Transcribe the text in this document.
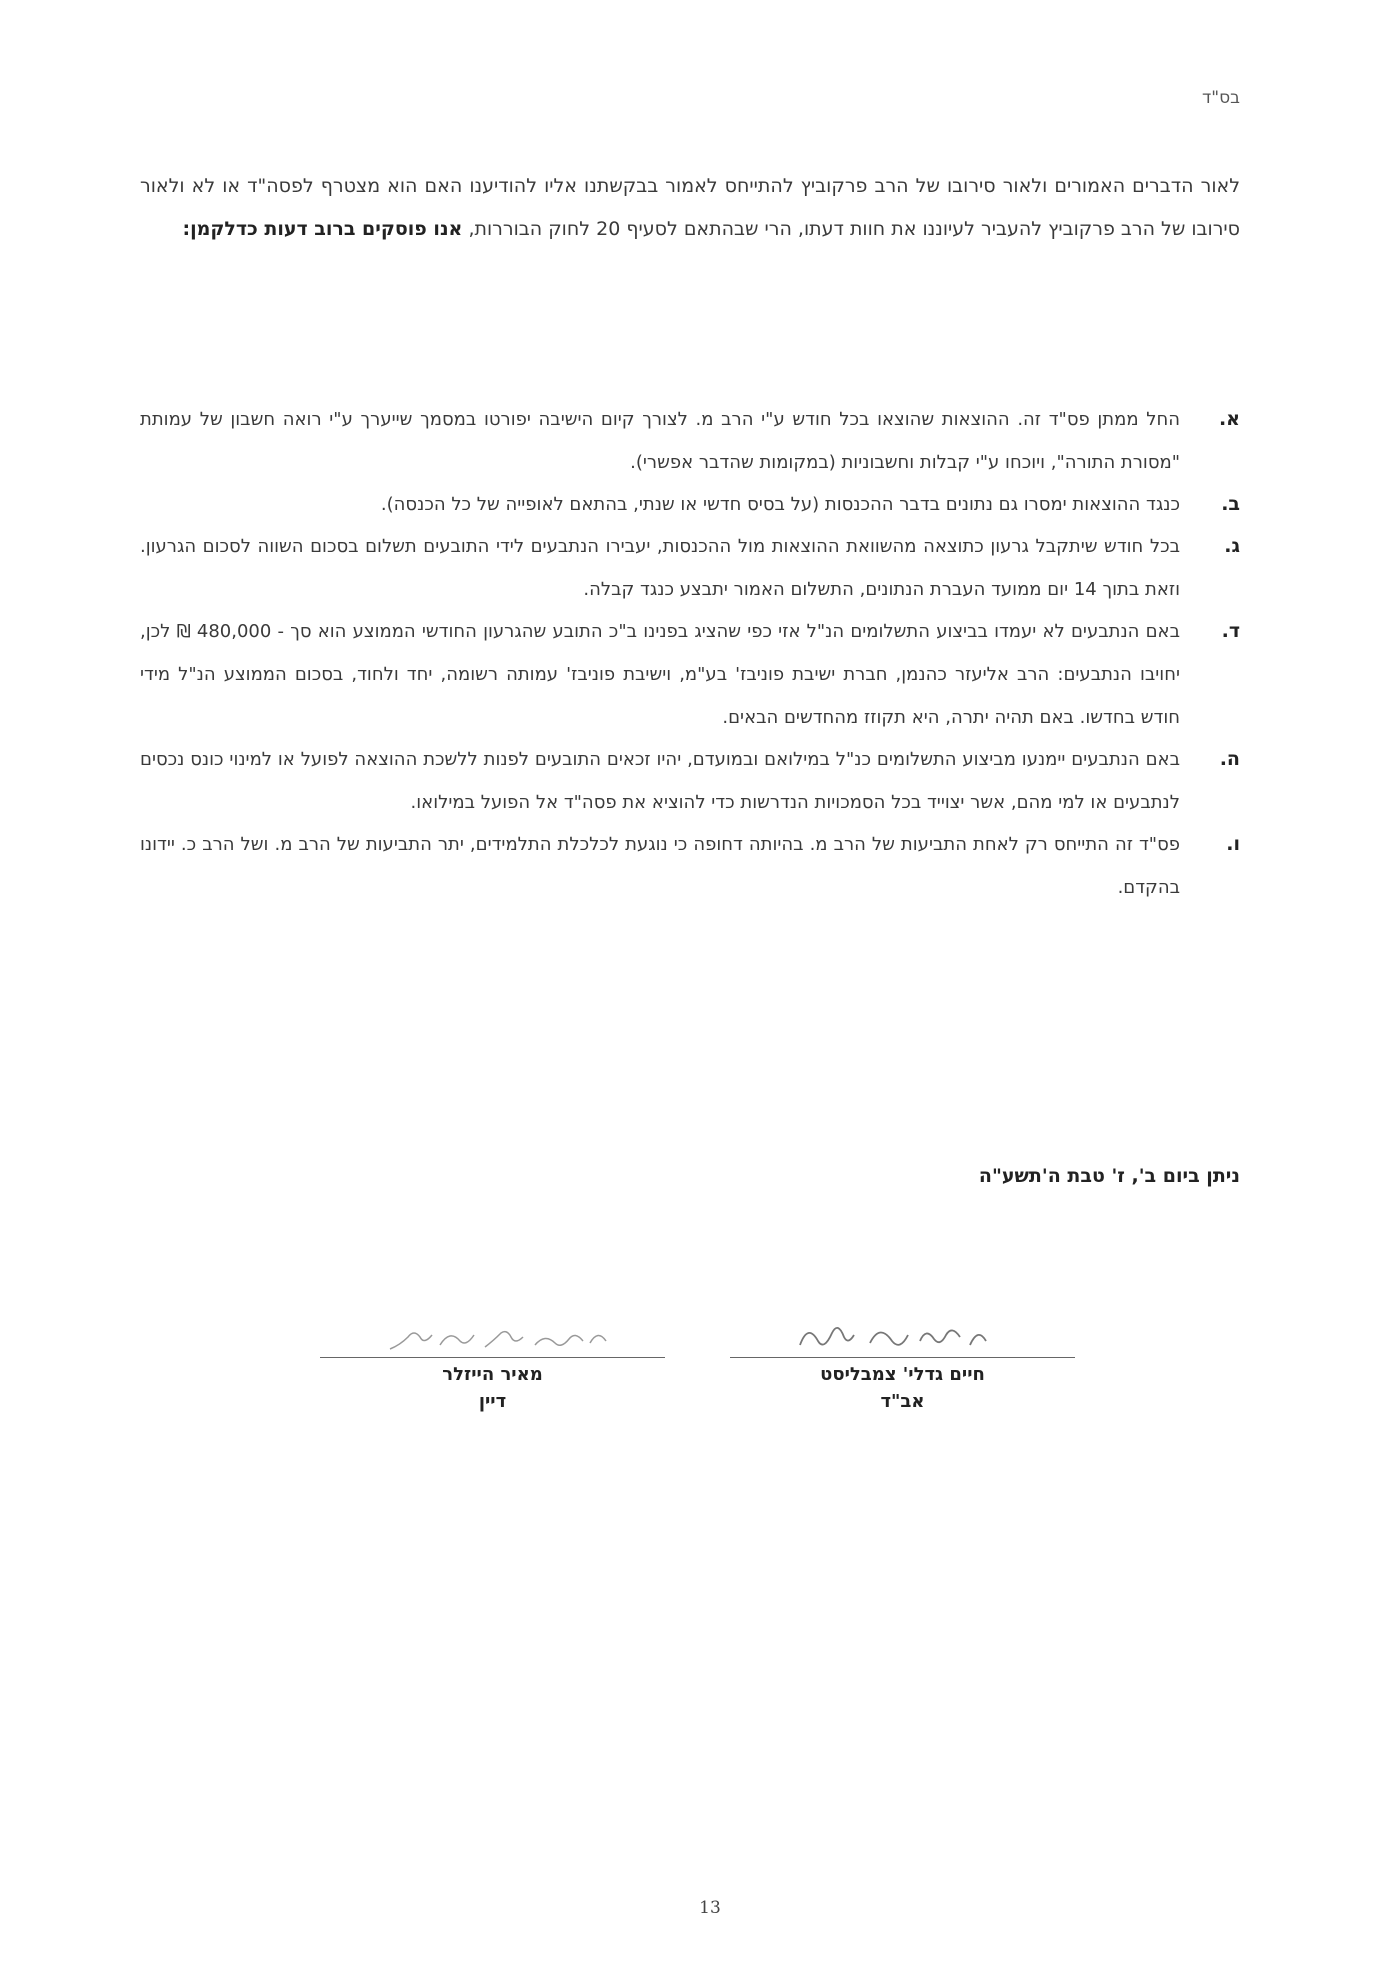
בס"ד
לאור הדברים האמורים ולאור סירובו של הרב פרקוביץ להתייחס לאמור בבקשתנו אליו להודיענו האם הוא מצטרף לפסה"ד או לא ולאור סירובו של הרב פרקוביץ להעביר לעיוננו את חוות דעתו, הרי שבהתאם לסעיף 20 לחוק הבוררות, אנו פוסקים ברוב דעות כדלקמן:
א.
החל ממתן פס"ד זה. ההוצאות שהוצאו בכל חודש ע"י הרב מ. לצורך קיום הישיבה יפורטו במסמך שייערך ע"י רואה חשבון של עמותת "מסורת התורה", ויוכחו ע"י קבלות וחשבוניות (במקומות שהדבר אפשרי).
ב.
כנגד ההוצאות ימסרו גם נתונים בדבר ההכנסות (על בסיס חדשי או שנתי, בהתאם לאופייה של כל הכנסה).
ג.
בכל חודש שיתקבל גרעון כתוצאה מהשוואת ההוצאות מול ההכנסות, יעבירו הנתבעים לידי התובעים תשלום בסכום השווה לסכום הגרעון. וזאת בתוך 14 יום ממועד העברת הנתונים, התשלום האמור יתבצע כנגד קבלה.
ד.
באם הנתבעים לא יעמדו בביצוע התשלומים הנ"ל אזי כפי שהציג בפנינו ב"כ התובע שהגרעון החודשי הממוצע הוא סך - 480,000 ₪ לכן, יחויבו הנתבעים: הרב אליעזר כהנמן, חברת ישיבת פוניבז' בע"מ, וישיבת פוניבז' עמותה רשומה, יחד ולחוד, בסכום הממוצע הנ"ל מידי חודש בחדשו. באם תהיה יתרה, היא תקוזז מהחדשים הבאים.
ה.
באם הנתבעים יימנעו מביצוע התשלומים כנ"ל במילואם ובמועדם, יהיו זכאים התובעים לפנות ללשכת ההוצאה לפועל או למינוי כונס נכסים לנתבעים או למי מהם, אשר יצוייד בכל הסמכויות הנדרשות כדי להוציא את פסה"ד אל הפועל במילואו.
ו.
פס"ד זה התייחס רק לאחת התביעות של הרב מ. בהיותה דחופה כי נוגעת לכלכלת התלמידים, יתר התביעות של הרב מ. ושל הרב כ. יידונו בהקדם.
ניתן ביום ב', ז' טבת ה'תשע"ה
חיים גדלי' צמבליסט
אב"ד
מאיר הייזלר
דיין
13
